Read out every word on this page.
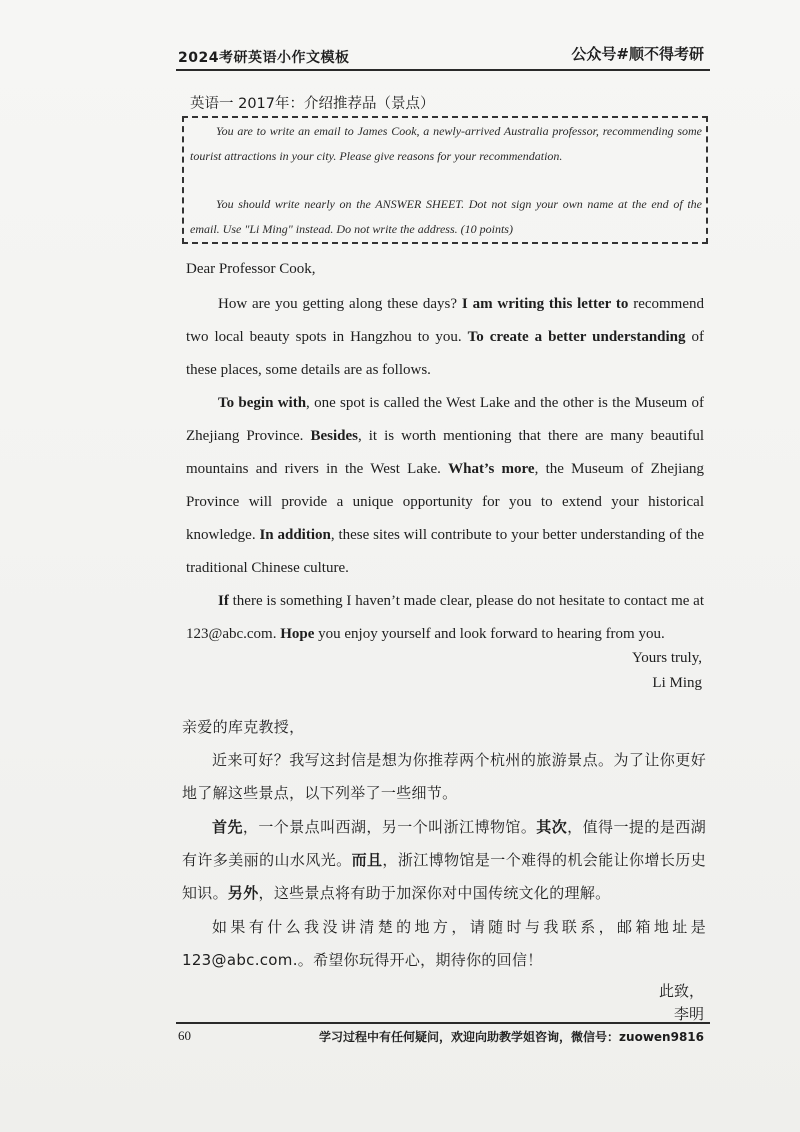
2024考研英语小作文模板	公众号#顺不得考研
英语一 2017年：介绍推荐品（景点）

You are to write an email to James Cook, a newly-arrived Australia professor, recommending some tourist attractions in your city. Please give reasons for your recommendation.

You should write nearly on the ANSWER SHEET. Dot not sign your own name at the end of the email. Use "Li Ming" instead. Do not write the address. (10 points)

Dear Professor Cook,

How are you getting along these days? I am writing this letter to recommend two local beauty spots in Hangzhou to you. To create a better understanding of these places, some details are as follows.

To begin with, one spot is called the West Lake and the other is the Museum of Zhejiang Province. Besides, it is worth mentioning that there are many beautiful mountains and rivers in the West Lake. What’s more, the Museum of Zhejiang Province will provide a unique opportunity for you to extend your historical knowledge. In addition, these sites will contribute to your better understanding of the traditional Chinese culture.

If there is something I haven’t made clear, please do not hesitate to contact me at 123@abc.com. Hope you enjoy yourself and look forward to hearing from you.

Yours truly,
Li Ming

亲爱的库克教授，

近来可好？我写这封信是想为你推荐两个杭州的旅游景点。为了让你更好地了解这些景点，以下列举了一些细节。

首先，一个景点叫西湖，另一个叫浙江博物馆。其次，值得一提的是西湖有许多美丽的山水风光。而且，浙江博物馆是一个难得的机会能让你增长历史知识。另外，这些景点将有助于加深你对中国传统文化的理解。

如果有什么我没讲清楚的地方，请随时与我联系，邮箱地址是 123@abc.com.。希望你玩得开心，期待你的回信！

此致，
李明
60	学习过程中有任何疑问，欢迎向助教学姐咨询，微信号：zuowen9816
